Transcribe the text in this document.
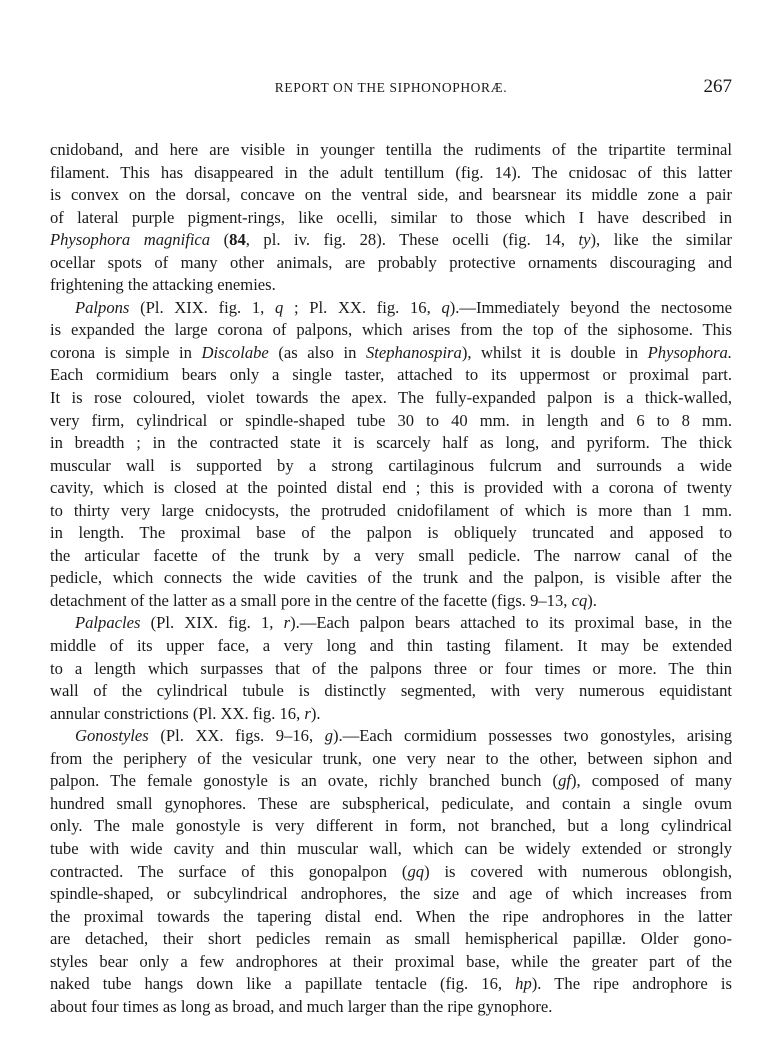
REPORT ON THE SIPHONOPHORÆ.	267
cnidoband, and here are visible in younger tentilla the rudiments of the tripartite terminal
filament. This has disappeared in the adult tentillum (fig. 14). The cnidosac of this latter
is convex on the dorsal, concave on the ventral side, and bearsnear its middle zone a pair
of lateral purple pigment-rings, like ocelli, similar to those which I have described in
Physophora magnifica (84, pl. iv. fig. 28). These ocelli (fig. 14, ty), like the similar
ocellar spots of many other animals, are probably protective ornaments discouraging and
frightening the attacking enemies.
Palpons (Pl. XIX. fig. 1, q ; Pl. XX. fig. 16, q).—Immediately beyond the nectosome
is expanded the large corona of palpons, which arises from the top of the siphosome. This
corona is simple in Discolabe (as also in Stephanospira), whilst it is double in Physophora.
Each cormidium bears only a single taster, attached to its uppermost or proximal part.
It is rose coloured, violet towards the apex. The fully-expanded palpon is a thick-walled,
very firm, cylindrical or spindle-shaped tube 30 to 40 mm. in length and 6 to 8 mm.
in breadth ; in the contracted state it is scarcely half as long, and pyriform. The thick
muscular wall is supported by a strong cartilaginous fulcrum and surrounds a wide
cavity, which is closed at the pointed distal end ; this is provided with a corona of twenty
to thirty very large cnidocysts, the protruded cnidofilament of which is more than 1 mm.
in length. The proximal base of the palpon is obliquely truncated and apposed to
the articular facette of the trunk by a very small pedicle. The narrow canal of the
pedicle, which connects the wide cavities of the trunk and the palpon, is visible after the
detachment of the latter as a small pore in the centre of the facette (figs. 9–13, cq).
Palpacles (Pl. XIX. fig. 1, r).—Each palpon bears attached to its proximal base, in the
middle of its upper face, a very long and thin tasting filament. It may be extended
to a length which surpasses that of the palpons three or four times or more. The thin
wall of the cylindrical tubule is distinctly segmented, with very numerous equidistant
annular constrictions (Pl. XX. fig. 16, r).
Gonostyles (Pl. XX. figs. 9–16, g).—Each cormidium possesses two gonostyles, arising
from the periphery of the vesicular trunk, one very near to the other, between siphon and
palpon. The female gonostyle is an ovate, richly branched bunch (gf), composed of many
hundred small gynophores. These are subspherical, pediculate, and contain a single ovum
only. The male gonostyle is very different in form, not branched, but a long cylindrical
tube with wide cavity and thin muscular wall, which can be widely extended or strongly
contracted. The surface of this gonopalpon (gq) is covered with numerous oblongish,
spindle-shaped, or subcylindrical androphores, the size and age of which increases from
the proximal towards the tapering distal end. When the ripe androphores in the latter
are detached, their short pedicles remain as small hemispherical papillæ. Older gono-
styles bear only a few androphores at their proximal base, while the greater part of the
naked tube hangs down like a papillate tentacle (fig. 16, hp). The ripe androphore is
about four times as long as broad, and much larger than the ripe gynophore.
